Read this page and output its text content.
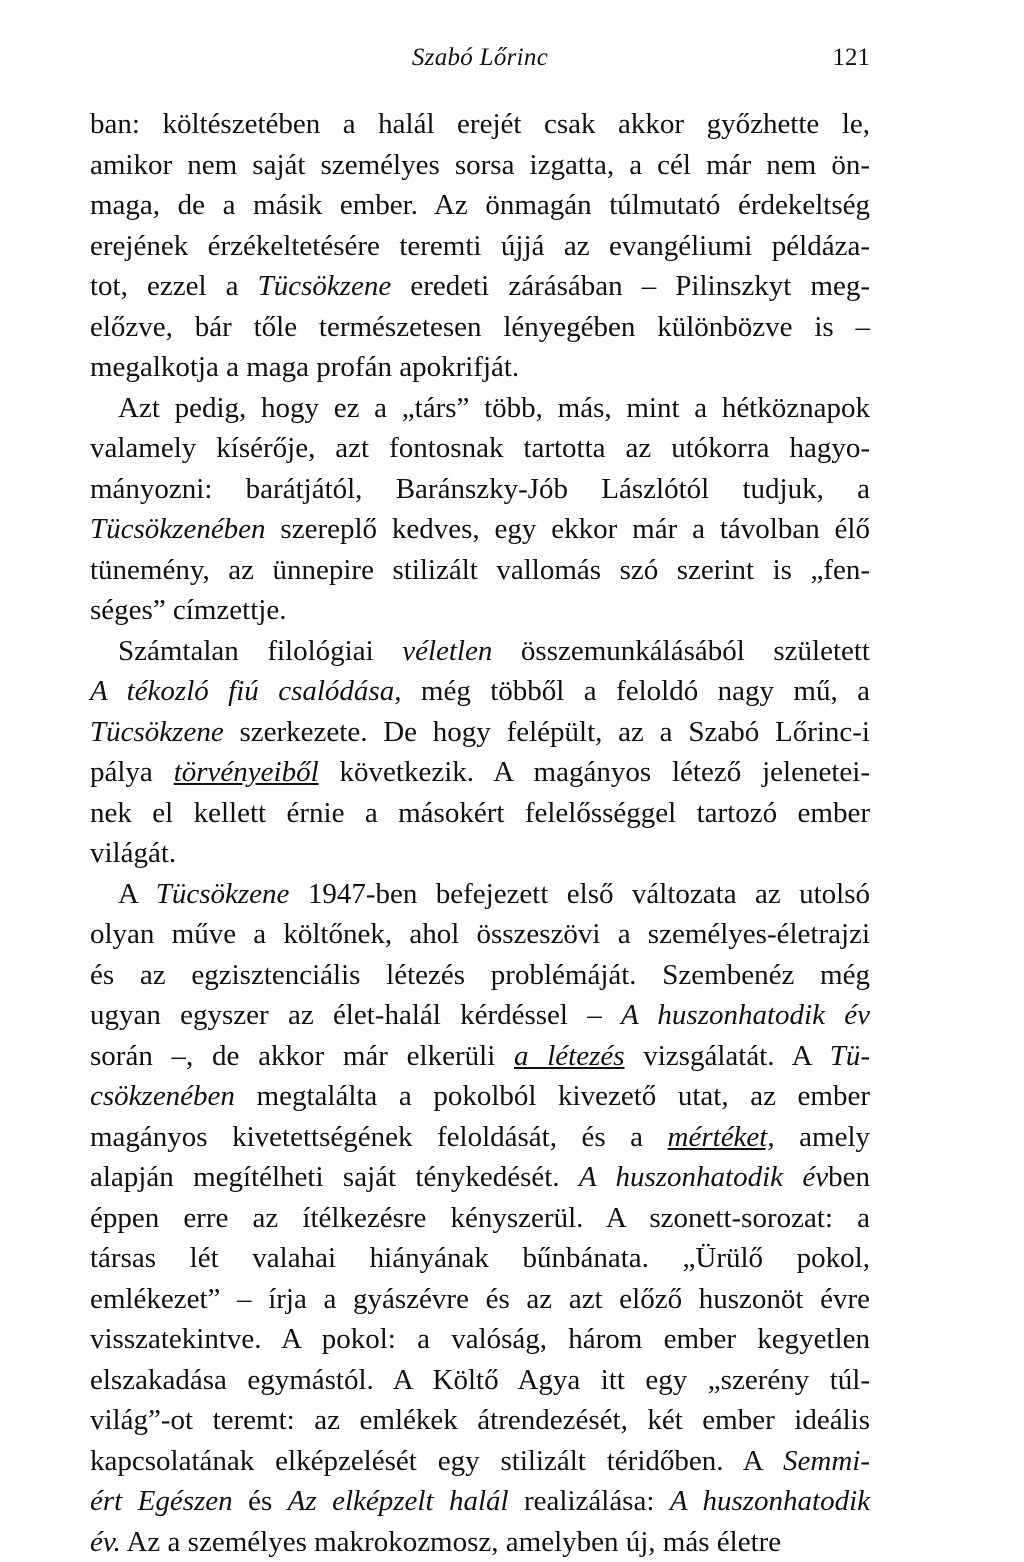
Szabó Lőrinc	121
ban: költészetében a halál erejét csak akkor győzhette le,
amikor nem saját személyes sorsa izgatta, a cél már nem ön-
maga, de a másik ember. Az önmagán túlmutató érdekeltség
erejének érzékeltetésére teremti újjá az evangéliumi példáza-
tot, ezzel a Tücsökzene eredeti zárásában – Pilinszkyt meg-
előzve, bár tőle természetesen lényegében különbözve is –
megalkotja a maga profán apokrifját.
Azt pedig, hogy ez a „társ” több, más, mint a hétköznapok
valamely kísérője, azt fontosnak tartotta az utókorra hagyo-
mányozni: barátjától, Baránszky-Jób Lászlótól tudjuk, a
Tücsökzenében szereplő kedves, egy ekkor már a távolban élő
tünemény, az ünnepire stilizált vallomás szó szerint is „fen-
séges” címzettje.
Számtalan filológiai véletlen összemunkálásából született
A tékozló fiú csalódása, még többől a feloldó nagy mű, a
Tücsökzene szerkezete. De hogy felépült, az a Szabó Lőrinc-i
pálya törvényeiből következik. A magányos létező jelenetei-
nek el kellett érnie a másokért felelősséggel tartozó ember
világát.
A Tücsökzene 1947-ben befejezett első változata az utolsó
olyan műve a költőnek, ahol összeszövi a személyes-életrajzi
és az egzisztenciális létezés problémáját. Szembenéz még
ugyan egyszer az élet-halál kérdéssel – A huszonhatodik év
során –, de akkor már elkerüli a létezés vizsgálatát. A Tü-
csökzenében megtalálta a pokolból kivezető utat, az ember
magányos kivetettségének feloldását, és a mértéket, amely
alapján megítélheti saját ténykedését. A huszonhatodik évben
éppen erre az ítélkezésre kényszerül. A szonett-sorozat: a
társas lét valahai hiányának bűnbánata. „Ürülő pokol,
emlékezet” – írja a gyászévre és az azt előző huszonöt évre
visszatekintve. A pokol: a valóság, három ember kegyetlen
elszakadása egymástól. A Költő Agya itt egy „szerény túl-
világ”-ot teremt: az emlékek átrendezését, két ember ideális
kapcsolatának elképzelését egy stilizált téridőben. A Semmi-
ért Egészen és Az elképzelt halál realizálása: A huszonhatodik
év. Az a személyes makrokozmosz, amelyben új, más életre
